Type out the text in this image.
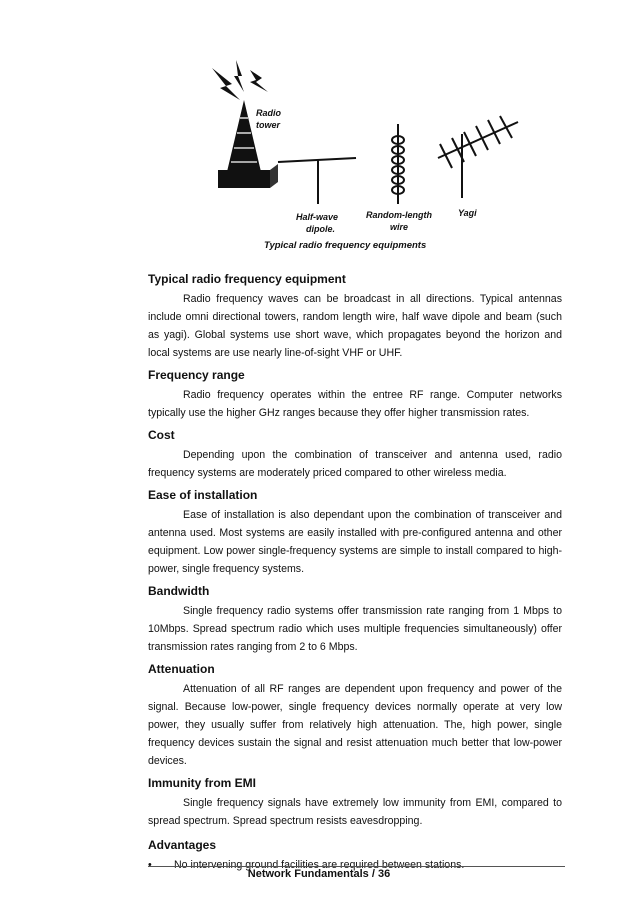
Radio tower
Half-wave dipole.
Random-length wire
Yagi
Typical radio frequency equipments
Typical radio frequency equipment
Radio frequency waves can be broadcast in all directions. Typical antennas include omni directional towers, random length wire, half wave dipole and beam (such as yagi). Global systems use short wave, which propagates beyond the horizon and local systems are use nearly line-of-sight VHF or UHF.
Frequency range
Radio frequency operates within the entree RF range. Computer networks typically use the higher GHz ranges because they offer higher transmission rates.
Cost
Depending upon the combination of transceiver and antenna used, radio frequency systems are moderately priced compared to other wireless media.
Ease of installation
Ease of installation is also dependant upon the combination of transceiver and antenna used. Most systems are easily installed with pre-configured antenna and other equipment. Low power single-frequency systems are simple to install compared to high-power, single frequency systems.
Bandwidth
Single frequency radio systems offer transmission rate ranging from 1 Mbps to 10Mbps. Spread spectrum radio which uses multiple frequencies simultaneously) offer transmission rates ranging from 2 to 6 Mbps.
Attenuation
Attenuation of all RF ranges are dependent upon frequency and power of the signal. Because low-power, single frequency devices normally operate at very low power, they usually suffer from relatively high attenuation. The, high power, single frequency devices sustain the signal and resist attenuation much better that low-power devices.
Immunity from EMI
Single frequency signals have extremely low immunity from EMI, compared to spread spectrum. Spread spectrum resists eavesdropping.
Advantages
•	No intervening ground facilities are required between stations.
Network Fundamentals / 36
